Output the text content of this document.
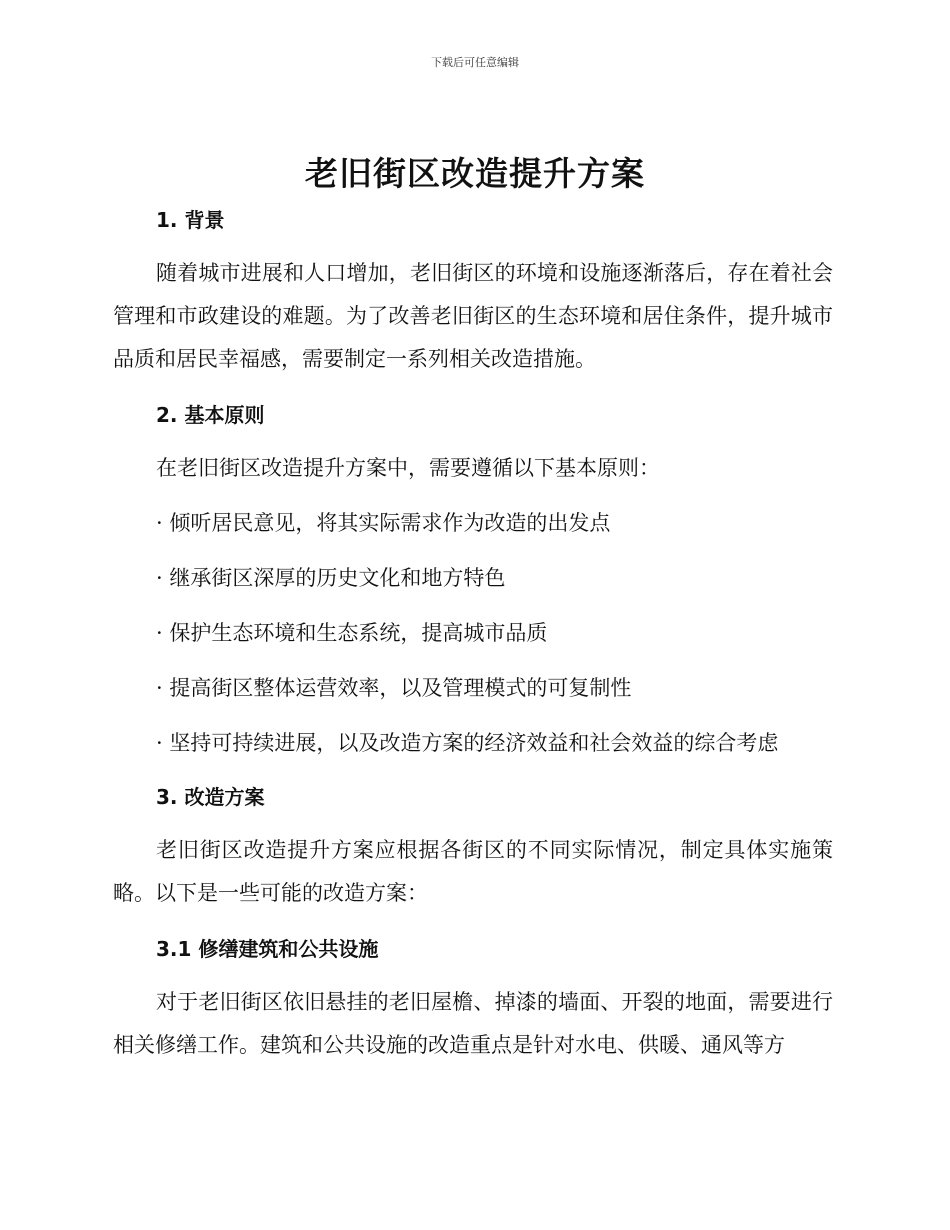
下载后可任意编辑
老旧街区改造提升方案
1. 背景

随着城市进展和人口增加，老旧街区的环境和设施逐渐落后，存在着社会管理和市政建设的难题。为了改善老旧街区的生态环境和居住条件，提升城市品质和居民幸福感，需要制定一系列相关改造措施。

2. 基本原则

在老旧街区改造提升方案中，需要遵循以下基本原则：

· 倾听居民意见，将其实际需求作为改造的出发点

· 继承街区深厚的历史文化和地方特色

· 保护生态环境和生态系统，提高城市品质

· 提高街区整体运营效率，以及管理模式的可复制性

· 坚持可持续进展，以及改造方案的经济效益和社会效益的综合考虑

3. 改造方案

老旧街区改造提升方案应根据各街区的不同实际情况，制定具体实施策略。以下是一些可能的改造方案：

3.1 修缮建筑和公共设施

对于老旧街区依旧悬挂的老旧屋檐、掉漆的墙面、开裂的地面，需要进行相关修缮工作。建筑和公共设施的改造重点是针对水电、供暖、通风等方
